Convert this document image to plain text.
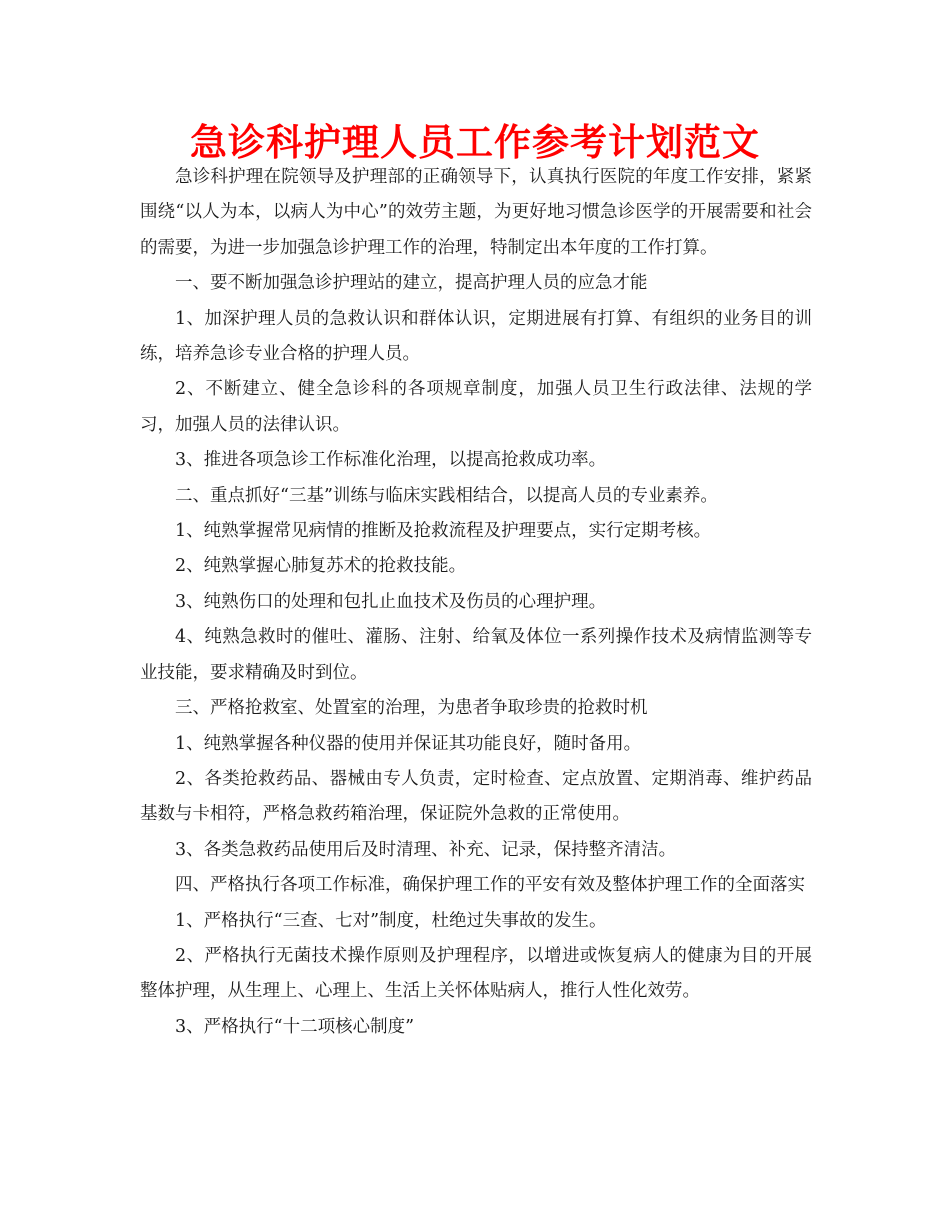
急诊科护理人员工作参考计划范文

急诊科护理在院领导及护理部的正确领导下，认真执行医院的年度工作安排，紧紧围绕“以人为本，以病人为中心”的效劳主题，为更好地习惯急诊医学的开展需要和社会的需要，为进一步加强急诊护理工作的治理，特制定出本年度的工作打算。

一、要不断加强急诊护理站的建立，提高护理人员的应急才能

1、加深护理人员的急救认识和群体认识，定期进展有打算、有组织的业务目的训练，培养急诊专业合格的护理人员。

2、不断建立、健全急诊科的各项规章制度，加强人员卫生行政法律、法规的学习，加强人员的法律认识。

3、推进各项急诊工作标准化治理，以提高抢救成功率。

二、重点抓好“三基”训练与临床实践相结合，以提高人员的专业素养。

1、纯熟掌握常见病情的推断及抢救流程及护理要点，实行定期考核。

2、纯熟掌握心肺复苏术的抢救技能。

3、纯熟伤口的处理和包扎止血技术及伤员的心理护理。

4、纯熟急救时的催吐、灌肠、注射、给氧及体位一系列操作技术及病情监测等专业技能，要求精确及时到位。

三、严格抢救室、处置室的治理，为患者争取珍贵的抢救时机

1、纯熟掌握各种仪器的使用并保证其功能良好，随时备用。

2、各类抢救药品、器械由专人负责，定时检查、定点放置、定期消毒、维护药品基数与卡相符，严格急救药箱治理，保证院外急救的正常使用。

3、各类急救药品使用后及时清理、补充、记录，保持整齐清洁。

四、严格执行各项工作标准，确保护理工作的平安有效及整体护理工作的全面落实

1、严格执行“三查、七对”制度，杜绝过失事故的发生。

2、严格执行无菌技术操作原则及护理程序，以增进或恢复病人的健康为目的开展整体护理，从生理上、心理上、生活上关怀体贴病人，推行人性化效劳。

3、严格执行“十二项核心制度”
